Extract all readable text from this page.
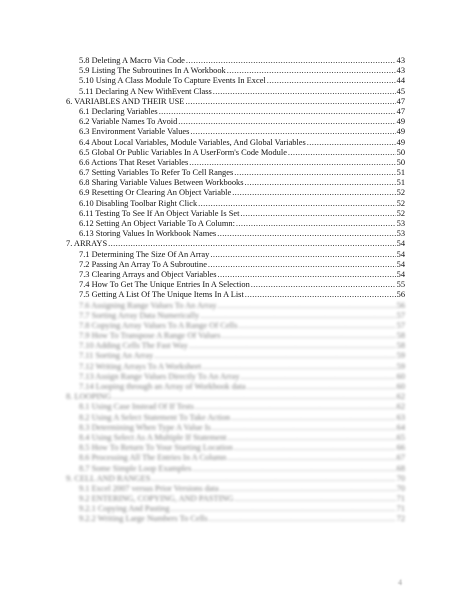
5.8 Deleting A Macro Via Code .....	43
5.9 Listing The Subroutines In A Workbook .....	43
5.10 Using A Class Module To Capture Events In Excel .....	44
5.11 Declaring A New WithEvent Class .....	45
6. VARIABLES AND THEIR USE .....	47
6.1 Declaring Variables .....	47
6.2 Variable Names To Avoid .....	49
6.3 Environment Variable Values .....	49
6.4 About Local Variables, Module Variables, And Global Variables .....	49
6.5 Global Or Public Variables In A UserForm's Code Module .....	50
6.6 Actions That Reset Variables .....	50
6.7 Setting Variables To Refer To Cell Ranges .....	51
6.8 Sharing Variable Values Between Workbooks .....	51
6.9 Resetting Or Clearing An Object Variable .....	52
6.10 Disabling Toolbar Right Click .....	52
6.11 Testing To See If An Object Variable Is Set .....	52
6.12 Setting An Object Variable To A Column: .....	53
6.13 Storing Values In Workbook Names .....	53
7. ARRAYS .....	54
7.1 Determining The Size Of An Array .....	54
7.2 Passing An Array To A Subroutine .....	54
7.3 Clearing Arrays and Object Variables .....	54
7.4 How To Get The Unique Entries In A Selection .....	55
7.5 Getting A List Of The Unique Items In A List .....	56
7.6 Assigning Range Values To An Array .....	56
7.7 Sorting Array Data Numerically .....	57
7.8 Copying Array Values To A Range Of Cells .....	57
7.9 How To Transpose A Range Of Values .....	58
7.10 Adding Cells The Fast Way .....	58
7.11 Sorting An Array .....	59
7.12 Writing Arrays To A Worksheet .....	59
7.13 Assign Range Values Directly To An Array .....	60
7.14 Looping through an Array of Workbook data .....	60
8. LOOPING .....	62
8.1 Using Case Instead Of If Tests .....	62
8.2 Using A Select Statement To Take Action .....	63
8.3 Determining When Type A Value Is .....	64
8.4 Using Select As A Multiple If Statement .....	65
8.5 How To Return To Your Starting Location .....	66
8.6 Processing All The Entries In A Column .....	67
8.7 Some Simple Loop Examples .....	68
9. CELL AND RANGES .....	70
9.1 Excel 2007 versus Prior Versions data .....	70
9.2 ENTERING, COPYING, AND PASTING .....	71
9.2.1 Copying And Pasting .....	71
9.2.2 Writing Large Numbers To Cells .....	72
4
